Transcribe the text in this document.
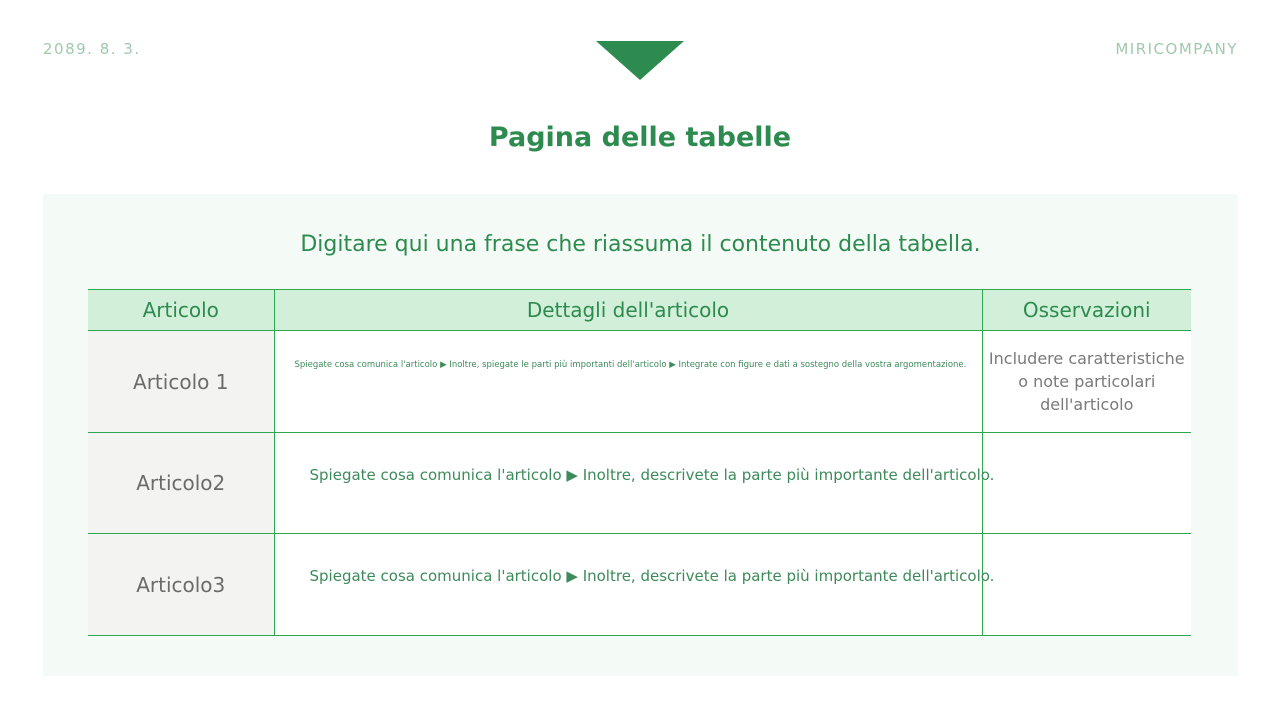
2089. 8. 3.	MIRICOMPANY
Pagina delle tabelle
Digitare qui una frase che riassuma il contenuto della tabella.
Articolo	Dettagli dell'articolo	Osservazioni
Articolo 1	Spiegate cosa comunica l'articolo ▶ Inoltre, spiegate le parti più importanti dell'articolo ▶ Integrate con figure e dati a sostegno della vostra argomentazione.	Includere caratteristiche o note particolari dell'articolo
Articolo2	Spiegate cosa comunica l'articolo ▶ Inoltre, descrivete la parte più importante dell'articolo.	

Articolo3	Spiegate cosa comunica l'articolo ▶ Inoltre, descrivete la parte più importante dell'articolo.	
